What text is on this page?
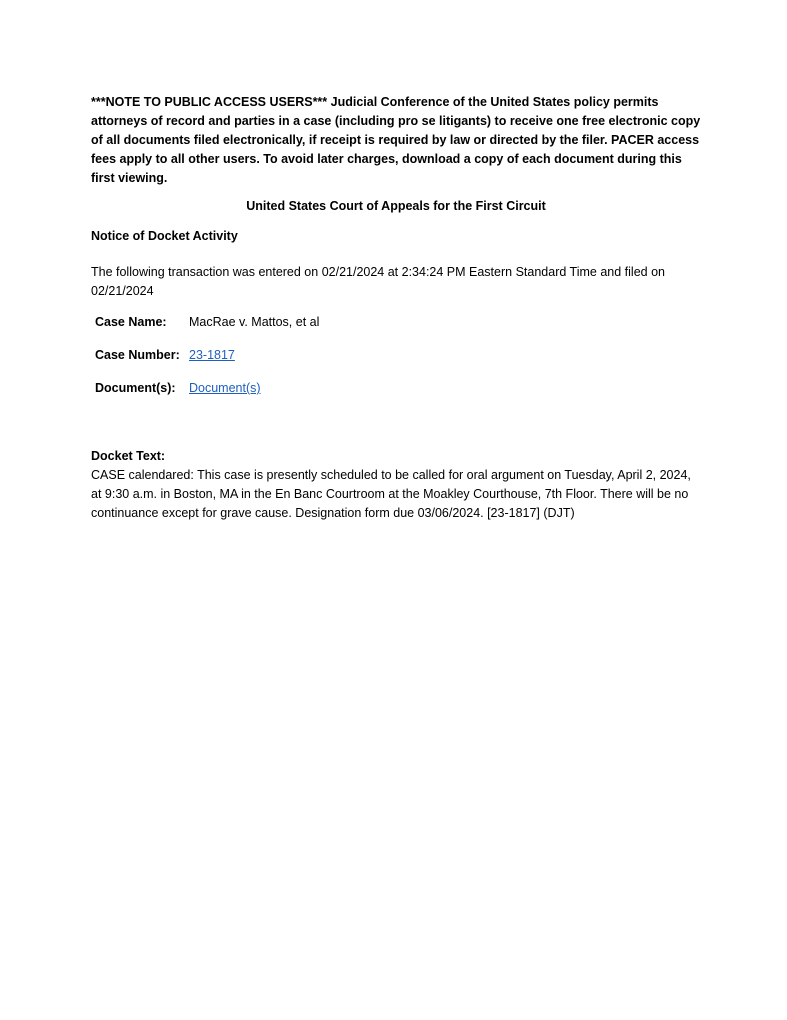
***NOTE TO PUBLIC ACCESS USERS*** Judicial Conference of the United States policy permits attorneys of record and parties in a case (including pro se litigants) to receive one free electronic copy of all documents filed electronically, if receipt is required by law or directed by the filer. PACER access fees apply to all other users. To avoid later charges, download a copy of each document during this first viewing.

United States Court of Appeals for the First Circuit

Notice of Docket Activity

The following transaction was entered on 02/21/2024 at 2:34:24 PM Eastern Standard Time and filed on 02/21/2024

Case Name:	MacRae v. Mattos, et al
Case Number:	23-1817
Document(s):	Document(s)

Docket Text:

CASE calendared: This case is presently scheduled to be called for oral argument on Tuesday, April 2, 2024, at 9:30 a.m. in Boston, MA in the En Banc Courtroom at the Moakley Courthouse, 7th Floor. There will be no continuance except for grave cause. Designation form due 03/06/2024. [23-1817] (DJT)
